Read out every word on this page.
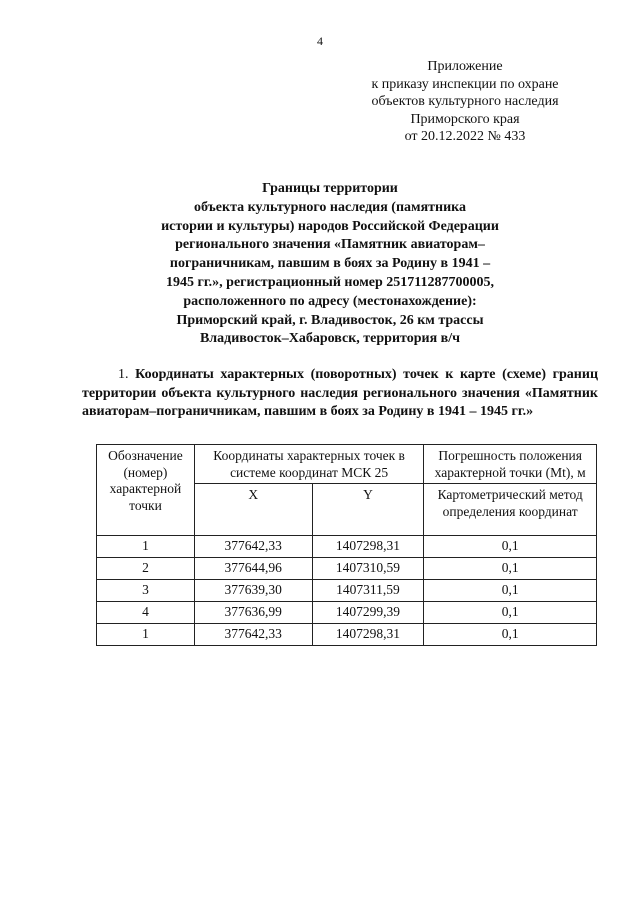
4
Приложение
к приказу инспекции по охране
объектов культурного наследия
Приморского края
от 20.12.2022 № 433
Границы территории
объекта культурного наследия (памятника
истории и культуры) народов Российской Федерации
регионального значения «Памятник авиаторам–
пограничникам, павшим в боях за Родину в 1941 –
1945 гг.», регистрационный номер 251711287700005,
расположенного по адресу (местонахождение):
Приморский край, г. Владивосток, 26 км трассы
Владивосток–Хабаровск, территория в/ч
1. Координаты характерных (поворотных) точек к карте (схеме) границ территории объекта культурного наследия регионального значения «Памятник авиаторам–пограничникам, павшим в боях за Родину в 1941 – 1945 гг.»
Обозначение (номер) характерной точки	Координаты характерных точек в системе координат МСК 25		Погрешность положения характерной точки (Mt), м
	X	Y	Картометрический метод определения координат
1	377642,33	1407298,31	0,1
2	377644,96	1407310,59	0,1
3	377639,30	1407311,59	0,1
4	377636,99	1407299,39	0,1
1	377642,33	1407298,31	0,1
